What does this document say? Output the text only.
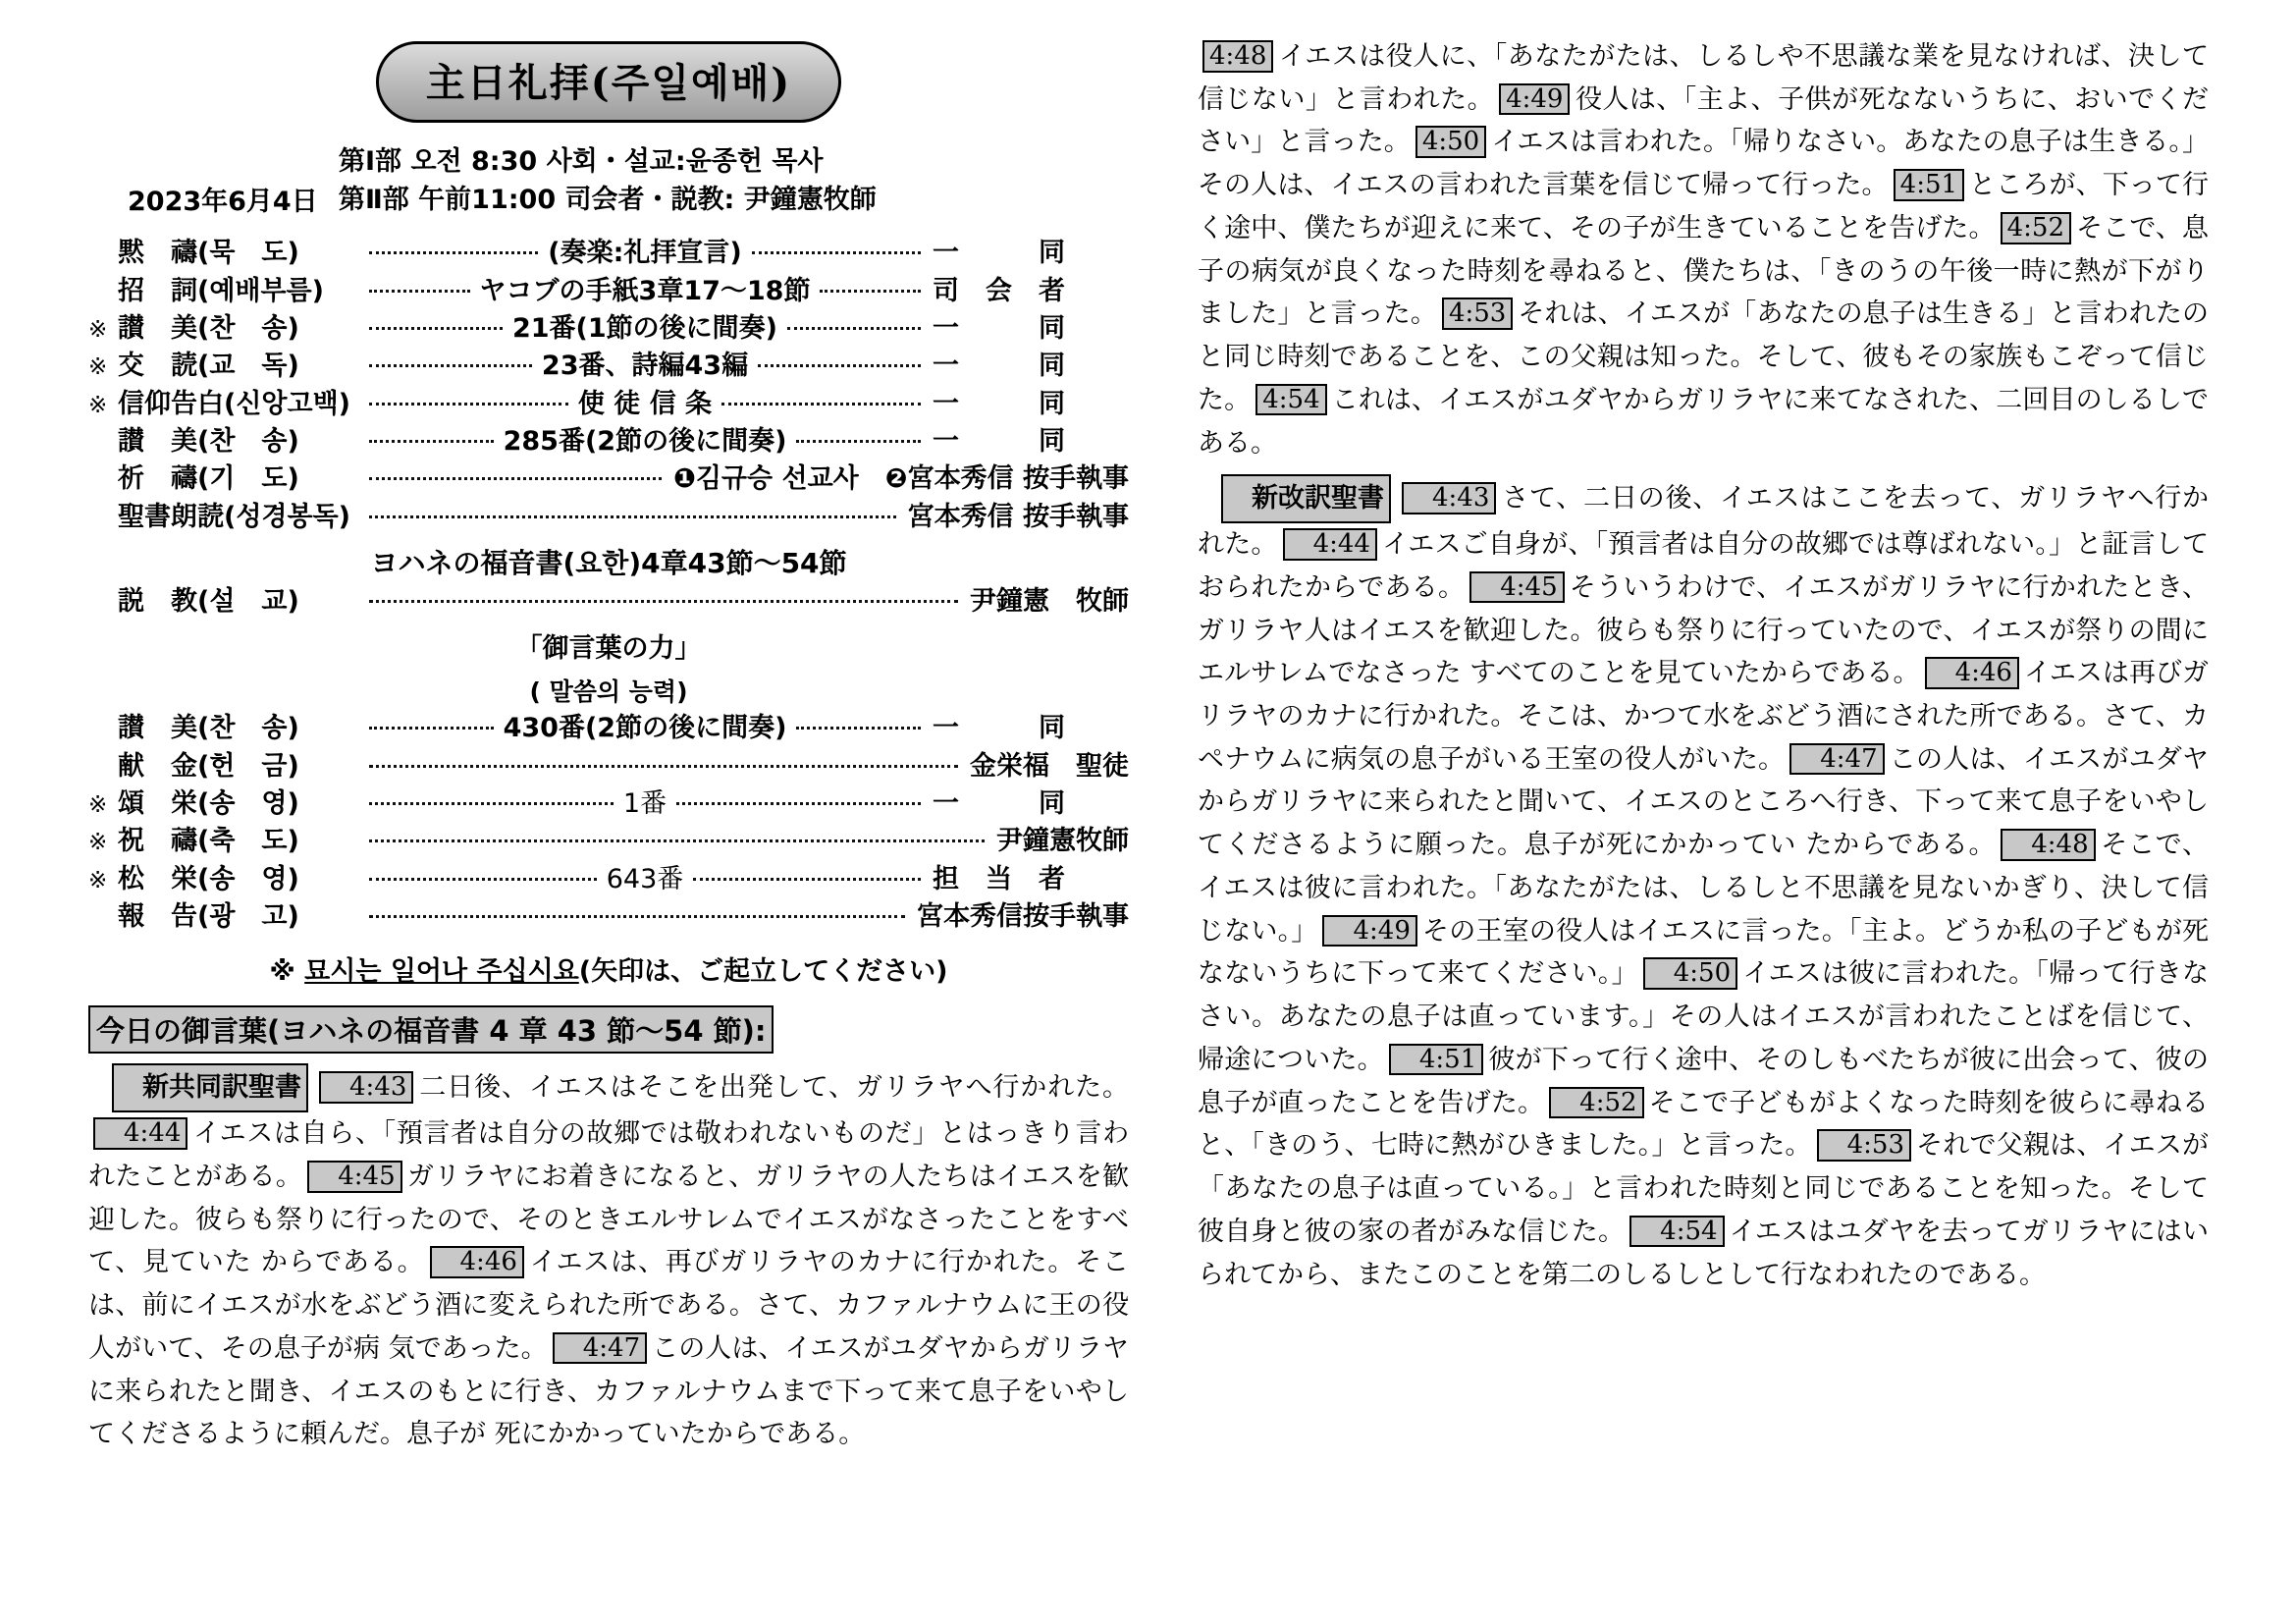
主日礼拝(주일예배)
2023年6月4日
第Ⅰ部 오전 8:30 사회・설교:윤종헌 목사
第Ⅱ部 午前11:00 司会者・説教: 尹鐘憲牧師
黙　禱(묵　도)	(奏楽:礼拝宣言)	一　　　同
招　詞(예배부름)	ヤコブの手紙3章17〜18節	司　会　者
※ 讃　美(찬　송)	21番(1節の後に間奏)	一　　　同
※ 交　読(교　독)	23番、詩編43編	一　　　同
※ 信仰告白(신앙고백)	使 徒 信 条	一　　　同
讃　美(찬　송)	285番(2節の後に間奏)	一　　　同
祈　禱(기　도)	❶김규승 선교사　❷宮本秀信 按手執事
聖書朗読(성경봉독)	宮本秀信 按手執事
ヨハネの福音書(요한)4章43節〜54節
説　教(설　교)	尹鐘憲　牧師
「御言葉の力」
( 말씀의 능력)
讃　美(찬　송)	430番(2節の後に間奏)	一　　　同
献　金(헌　금)	金栄福　聖徒
※ 頌　栄(송　영)	1番	一　　　同
※ 祝　禱(축　도)	尹鐘憲牧師
※ 松　栄(송　영)	643番	担　当　者
報　告(광　고)	宮本秀信按手執事
※ 묘시는 일어나 주십시요(矢印は、ご起立してください)
今日の御言葉(ヨハネの福音書 4 章 43 節〜54 節):

新共同訳聖書 4:43 二日後、イエスはそこを出発して、ガリラヤへ行かれた。4:44 イエスは自ら、「預言者は自分の故郷では敬われないものだ」とはっきり言われたことがある。 4:45 ガリラヤにお着きになると、ガリラヤの人たちはイエスを歓迎した。彼らも祭りに行ったので、そのときエルサレムでイエスがなさったことをすべて、見ていた からである。 4:46 イエスは、再びガリラヤのカナに行かれた。そこは、前にイエスが水をぶどう酒に変えられた所である。さて、カファルナウムに王の役人がいて、その息子が病 気であった。 4:47 この人は、イエスがユダヤからガリラヤに来られたと聞き、イエスのもとに行き、カファルナウムまで下って来て息子をいやしてくださるように頼んだ。息子が 死にかかっていたからである。

4:48 イエスは役人に、「あなたがたは、しるしや不思議な業を見なければ、決して信じない」と言われた。 4:49 役人は、「主よ、子供が死なないうちに、おいでください」と言った。 4:50 イエスは言われた。「帰りなさい。あなたの息子は生きる。」その人は、イエスの言われた言葉を信じて帰って行った。 4:51 ところが、下って行く途中、僕たちが迎えに来て、その子が生きていることを告げた。 4:52 そこで、息子の病気が良くなった時刻を尋ねると、僕たちは、「きのうの午後一時に熱が下がりました」と言った。 4:53 それは、イエスが「あなたの息子は生きる」と言われたのと同じ時刻であることを、この父親は知った。そして、彼もその家族もこぞって信じた。 4:54 これは、イエスがユダヤからガリラヤに来てなされた、二回目のしるしである。

新改訳聖書 4:43 さて、二日の後、イエスはここを去って、ガリラヤへ行かれた。 4:44 イエスご自身が、「預言者は自分の故郷では尊ばれない。」と証言しておられたからである。 4:45 そういうわけで、イエスがガリラヤに行かれたとき、ガリラヤ人はイエスを歓迎した。彼らも祭りに行っていたので、イエスが祭りの間にエルサレムでなさった すべてのことを見ていたからである。 4:46 イエスは再びガリラヤのカナに行かれた。そこは、かつて水をぶどう酒にされた所である。さて、カペナウムに病気の息子がいる王室の役人がいた。 4:47 この人は、イエスがユダヤからガリラヤに来られたと聞いて、イエスのところへ行き、下って来て息子をいやしてくださるように願った。息子が死にかかってい たからである。 4:48 そこで、イエスは彼に言われた。「あなたがたは、しるしと不思議を見ないかぎり、決して信じない。」 4:49 その王室の役人はイエスに言った。「主よ。どうか私の子どもが死なないうちに下って来てください。」 4:50 イエスは彼に言われた。「帰って行きなさい。あなたの息子は直っています。」その人はイエスが言われたことばを信じて、帰途についた。 4:51 彼が下って行く途中、そのしもべたちが彼に出会って、彼の息子が直ったことを告げた。 4:52 そこで子どもがよくなった時刻を彼らに尋ねると、「きのう、七時に熱がひきました。」と言った。 4:53 それで父親は、イエスが「あなたの息子は直っている。」と言われた時刻と同じであることを知った。そして彼自身と彼の家の者がみな信じた。 4:54 イエスはユダヤを去ってガリラヤにはいられてから、またこのことを第二のしるしとして行なわれたのである。
